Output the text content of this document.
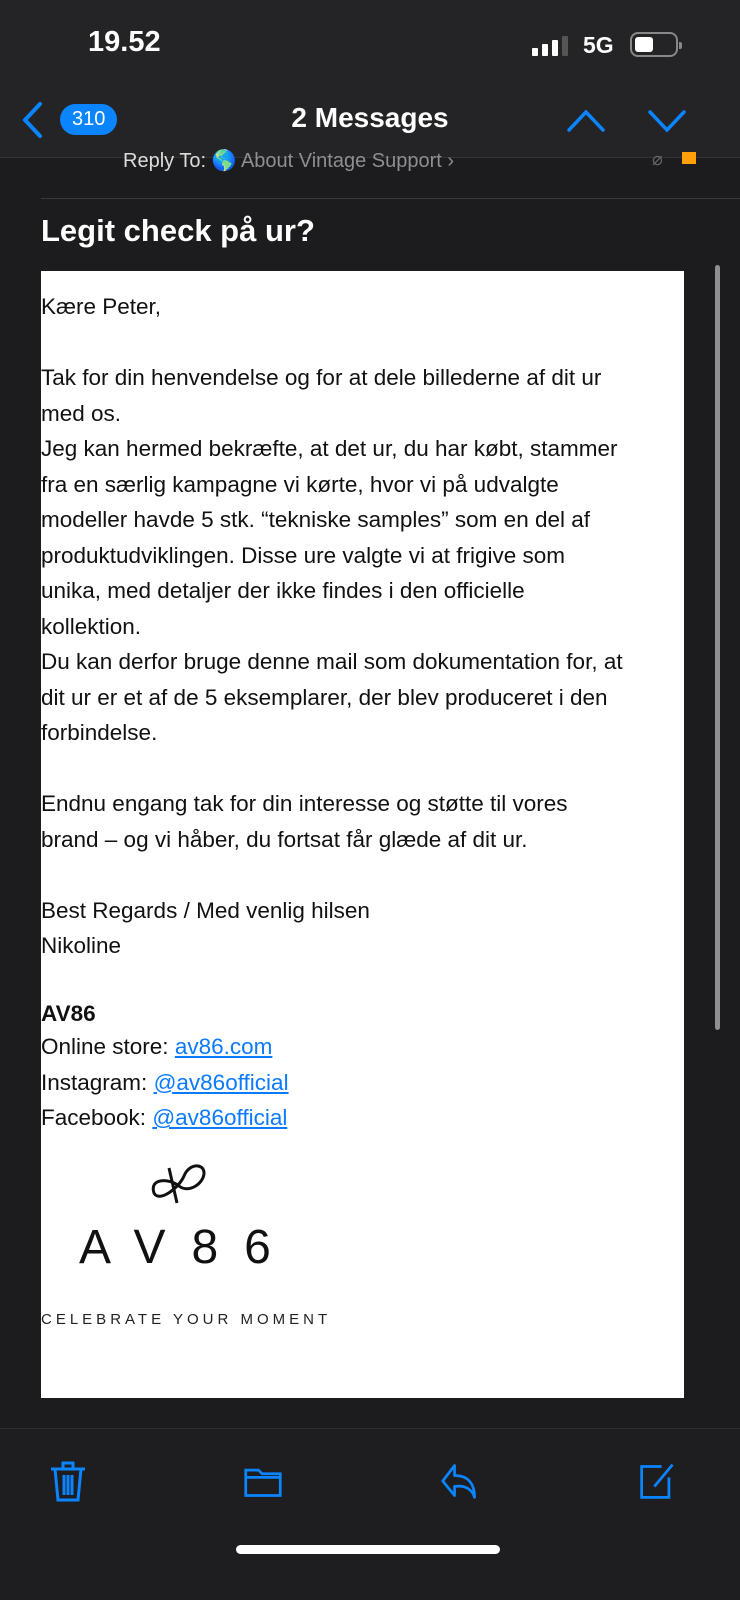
19.52	5G
310	2 Messages
Reply To: 🌎 About Vintage Support ›	⌀
Legit check på ur?

Kære Peter,

Tak for din henvendelse og for at dele billederne af dit ur
med os.
Jeg kan hermed bekræfte, at det ur, du har købt, stammer
fra en særlig kampagne vi kørte, hvor vi på udvalgte
modeller havde 5 stk. “tekniske samples” som en del af
produktudviklingen. Disse ure valgte vi at frigive som
unika, med detaljer der ikke findes i den officielle
kollektion.
Du kan derfor bruge denne mail som dokumentation for, at
dit ur er et af de 5 eksemplarer, der blev produceret i den
forbindelse.
Endnu engang tak for din interesse og støtte til vores
brand – og vi håber, du fortsat får glæde af dit ur.
Best Regards / Med venlig hilsen
Nikoline
AV86
Online store: av86.com
Instagram: @av86official
Facebook: @av86official
AV86
CELEBRATE YOUR MOMENT
